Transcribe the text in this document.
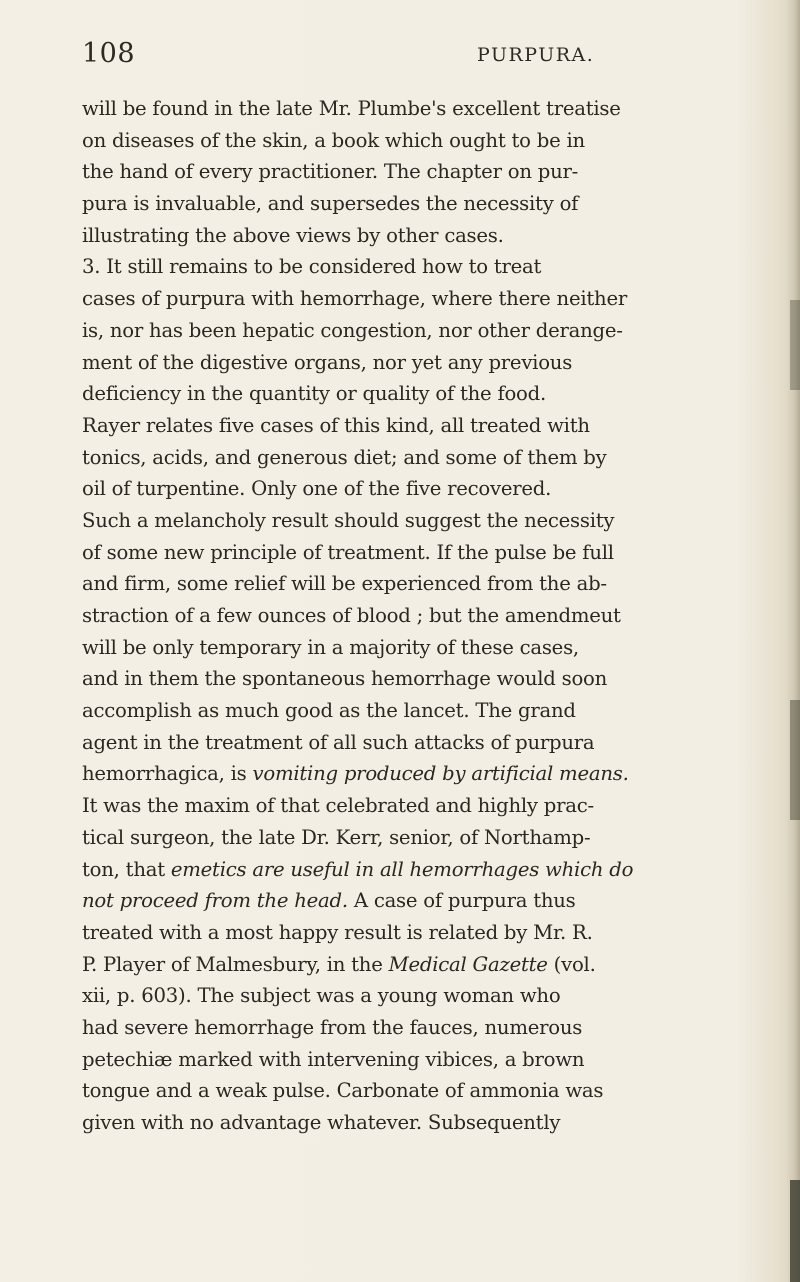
108	PURPURA.
will be found in the late Mr. Plumbe's excellent treatise
on diseases of the skin, a book which ought to be in
the hand of every practitioner. The chapter on pur-
pura is invaluable, and supersedes the necessity of
illustrating the above views by other cases.
3. It still remains to be considered how to treat
cases of purpura with hemorrhage, where there neither
is, nor has been hepatic congestion, nor other derange-
ment of the digestive organs, nor yet any previous
deficiency in the quantity or quality of the food.
Rayer relates five cases of this kind, all treated with
tonics, acids, and generous diet; and some of them by
oil of turpentine. Only one of the five recovered.
Such a melancholy result should suggest the necessity
of some new principle of treatment. If the pulse be full
and firm, some relief will be experienced from the ab-
straction of a few ounces of blood ; but the amendmeut
will be only temporary in a majority of these cases,
and in them the spontaneous hemorrhage would soon
accomplish as much good as the lancet. The grand
agent in the treatment of all such attacks of purpura
hemorrhagica, is vomiting produced by artificial means.
It was the maxim of that celebrated and highly prac-
tical surgeon, the late Dr. Kerr, senior, of Northamp-
ton, that emetics are useful in all hemorrhages which do
not proceed from the head. A case of purpura thus
treated with a most happy result is related by Mr. R.
P. Player of Malmesbury, in the Medical Gazette (vol.
xii, p. 603). The subject was a young woman who
had severe hemorrhage from the fauces, numerous
petechiæ marked with intervening vibices, a brown
tongue and a weak pulse. Carbonate of ammonia was
given with no advantage whatever. Subsequently
